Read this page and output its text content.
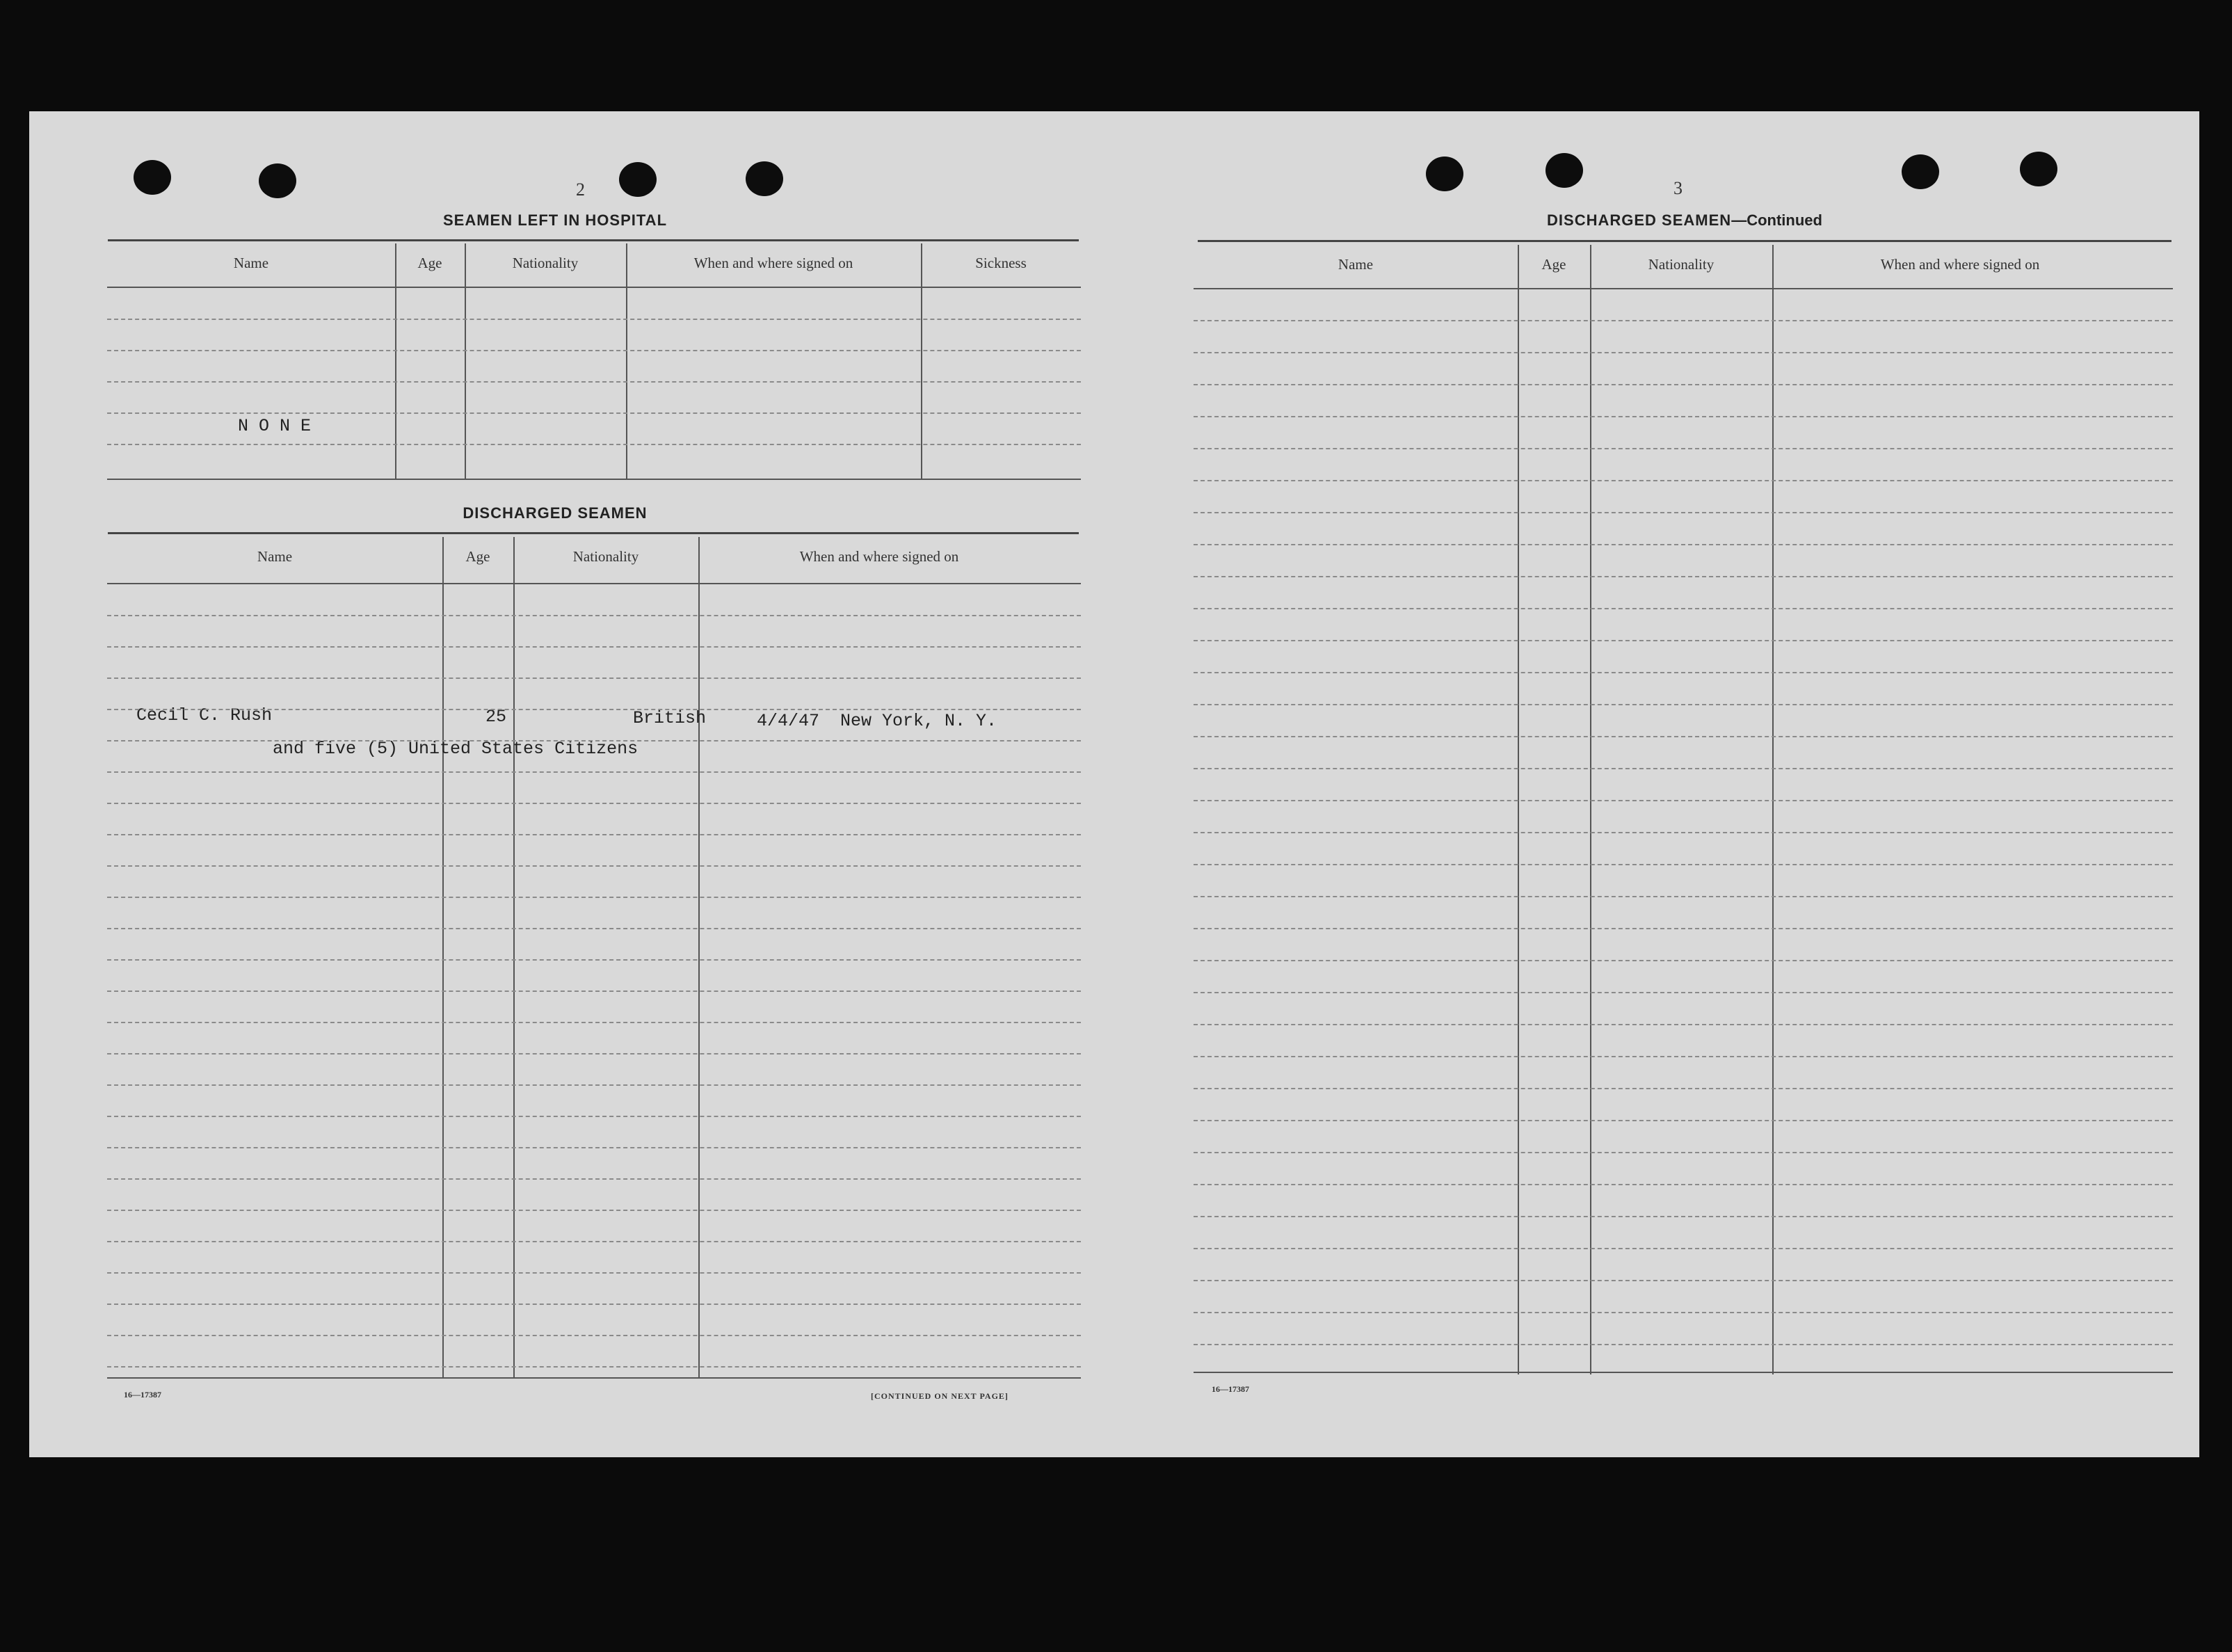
2
SEAMEN LEFT IN HOSPITAL
Name	Age	Nationality	When and where signed on	Sickness
N O N E
DISCHARGED SEAMEN
Name	Age	Nationality	When and where signed on
Cecil C. Rush	25	British	4/4/47  New York, N. Y.
and five (5) United States Citizens
16—17387	[CONTINUED ON NEXT PAGE]
3
DISCHARGED SEAMEN—Continued
Name	Age	Nationality	When and where signed on
16—17387
